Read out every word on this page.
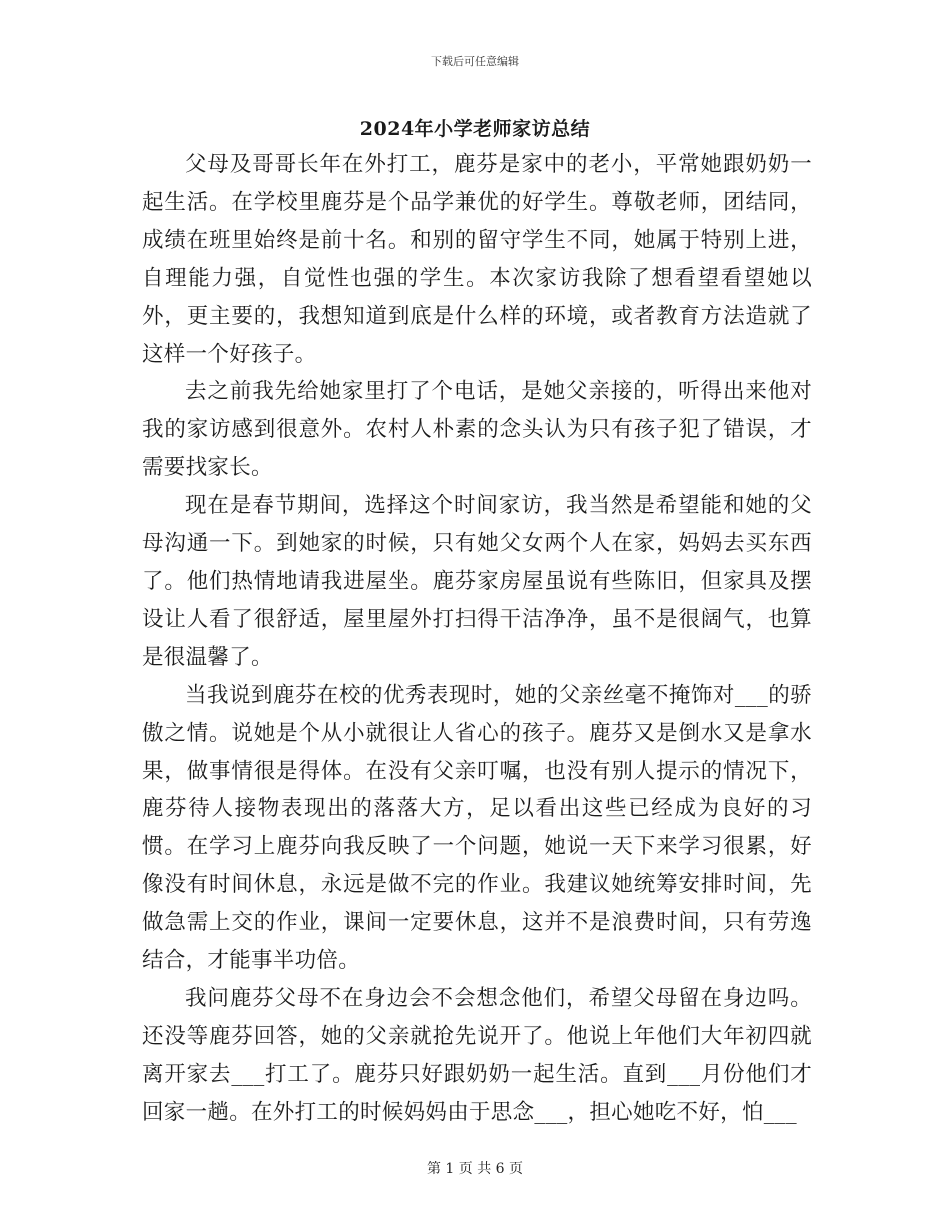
下载后可任意编辑
2024年小学老师家访总结

父母及哥哥长年在外打工，鹿芬是家中的老小，平常她跟奶奶一起生活。在学校里鹿芬是个品学兼优的好学生。尊敬老师，团结同，成绩在班里始终是前十名。和别的留守学生不同，她属于特别上进，自理能力强，自觉性也强的学生。本次家访我除了想看望看望她以外，更主要的，我想知道到底是什么样的环境，或者教育方法造就了这样一个好孩子。

去之前我先给她家里打了个电话，是她父亲接的，听得出来他对我的家访感到很意外。农村人朴素的念头认为只有孩子犯了错误，才需要找家长。

现在是春节期间，选择这个时间家访，我当然是希望能和她的父母沟通一下。到她家的时候，只有她父女两个人在家，妈妈去买东西了。他们热情地请我进屋坐。鹿芬家房屋虽说有些陈旧，但家具及摆设让人看了很舒适，屋里屋外打扫得干洁净净，虽不是很阔气，也算是很温馨了。

当我说到鹿芬在校的优秀表现时，她的父亲丝毫不掩饰对___的骄傲之情。说她是个从小就很让人省心的孩子。鹿芬又是倒水又是拿水果，做事情很是得体。在没有父亲叮嘱，也没有别人提示的情况下，鹿芬待人接物表现出的落落大方，足以看出这些已经成为良好的习惯。在学习上鹿芬向我反映了一个问题，她说一天下来学习很累，好像没有时间休息，永远是做不完的作业。我建议她统筹安排时间，先做急需上交的作业，课间一定要休息，这并不是浪费时间，只有劳逸结合，才能事半功倍。

我问鹿芬父母不在身边会不会想念他们，希望父母留在身边吗。还没等鹿芬回答，她的父亲就抢先说开了。他说上年他们大年初四就离开家去___打工了。鹿芬只好跟奶奶一起生活。直到___月份他们才回家一趟。在外打工的时候妈妈由于思念___，担心她吃不好，怕___

第 1 页 共 6 页
